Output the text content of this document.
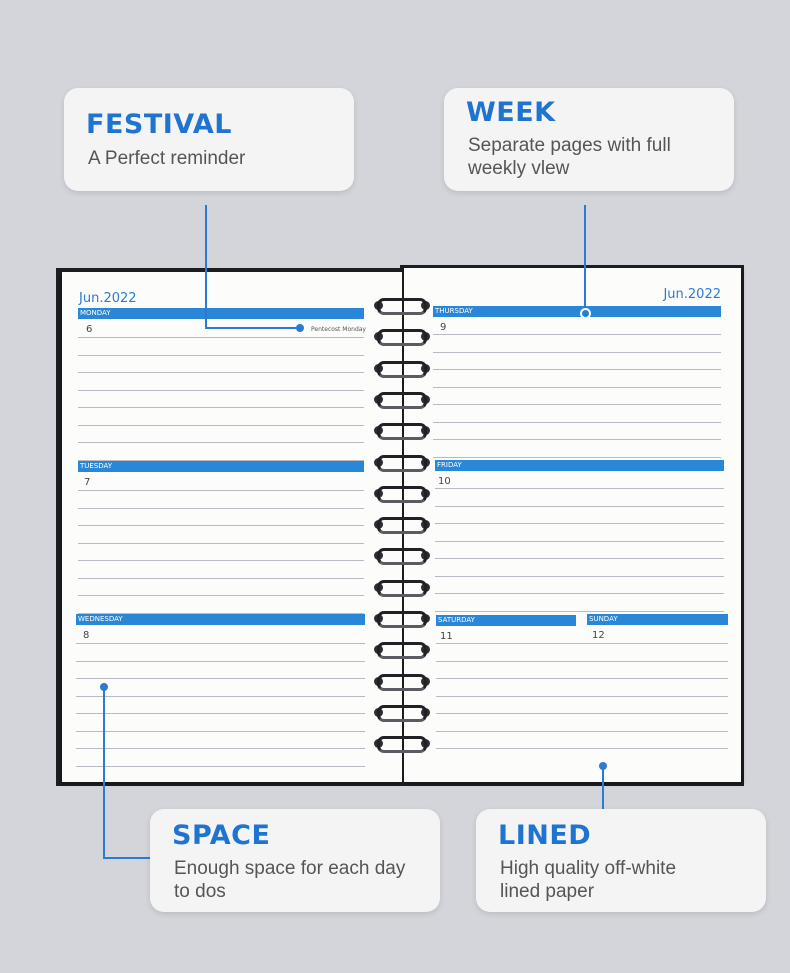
Jun.2022
MONDAY
6	Pentecost Monday
TUESDAY
7
WEDNESDAY
8
Jun.2022
THURSDAY
9
FRIDAY
10
SATURDAY
11
SUNDAY
12
FESTIVAL
A Perfect reminder
WEEK
Separate pages with full
weekly vlew
SPACE
Enough space for each day
to dos
LINED
High quality off-white
lined paper
